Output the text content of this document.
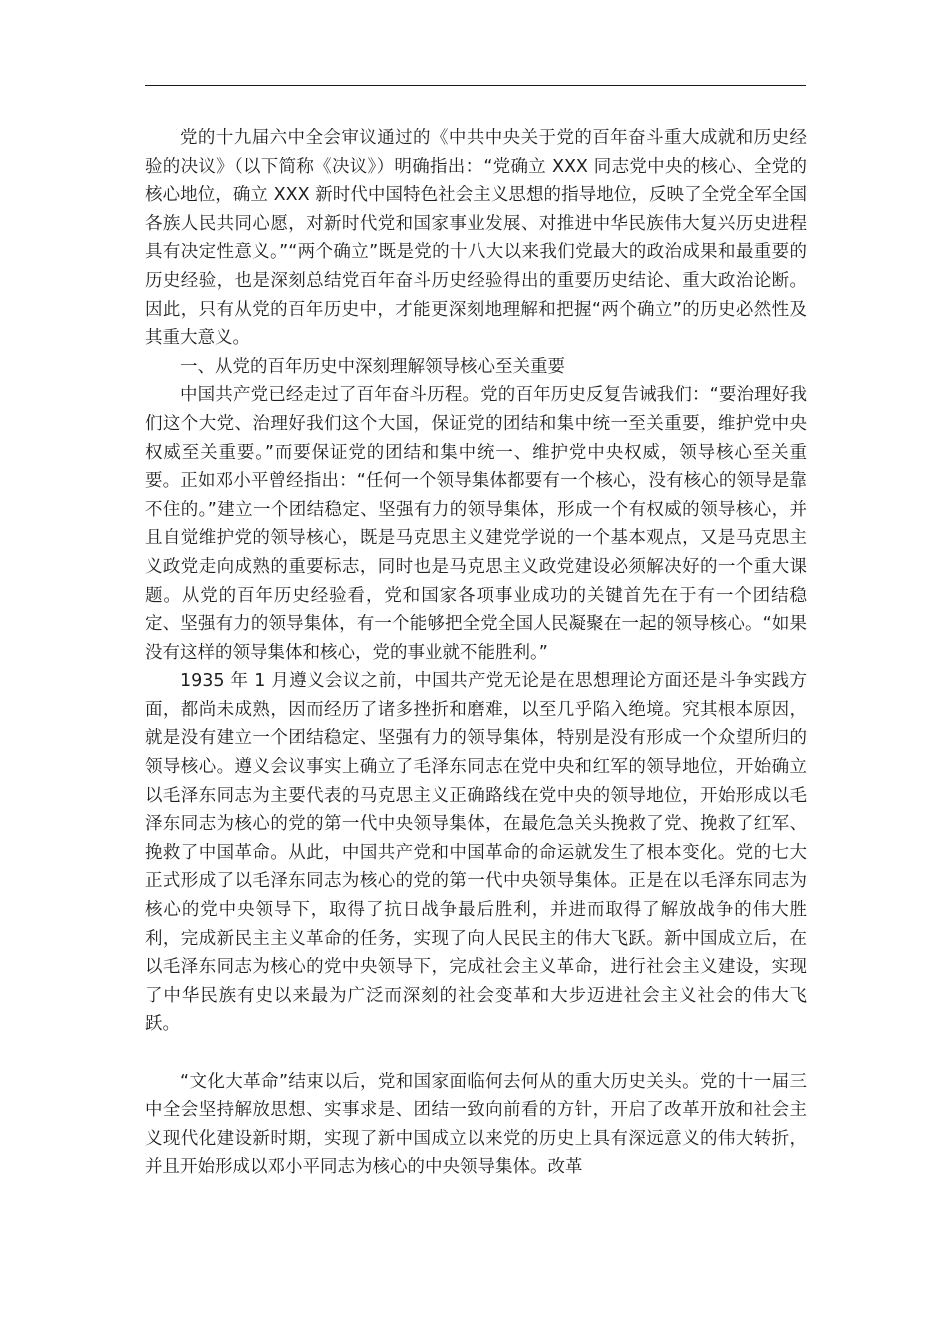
党的十九届六中全会审议通过的《中共中央关于党的百年奋斗重大成就和历史经验的决议》（以下简称《决议》）明确指出：“党确立 XXX 同志党中央的核心、全党的核心地位，确立 XXX 新时代中国特色社会主义思想的指导地位，反映了全党全军全国各族人民共同心愿，对新时代党和国家事业发展、对推进中华民族伟大复兴历史进程具有决定性意义。”“两个确立”既是党的十八大以来我们党最大的政治成果和最重要的历史经验，也是深刻总结党百年奋斗历史经验得出的重要历史结论、重大政治论断。因此，只有从党的百年历史中，才能更深刻地理解和把握“两个确立”的历史必然性及其重大意义。

一、从党的百年历史中深刻理解领导核心至关重要

中国共产党已经走过了百年奋斗历程。党的百年历史反复告诫我们：“要治理好我们这个大党、治理好我们这个大国，保证党的团结和集中统一至关重要，维护党中央权威至关重要。”而要保证党的团结和集中统一、维护党中央权威，领导核心至关重要。正如邓小平曾经指出：“任何一个领导集体都要有一个核心，没有核心的领导是靠不住的。”建立一个团结稳定、坚强有力的领导集体，形成一个有权威的领导核心，并且自觉维护党的领导核心，既是马克思主义建党学说的一个基本观点，又是马克思主义政党走向成熟的重要标志，同时也是马克思主义政党建设必须解决好的一个重大课题。从党的百年历史经验看，党和国家各项事业成功的关键首先在于有一个团结稳定、坚强有力的领导集体，有一个能够把全党全国人民凝聚在一起的领导核心。“如果没有这样的领导集体和核心，党的事业就不能胜利。”

1935 年 1 月遵义会议之前，中国共产党无论是在思想理论方面还是斗争实践方面，都尚未成熟，因而经历了诸多挫折和磨难，以至几乎陷入绝境。究其根本原因，就是没有建立一个团结稳定、坚强有力的领导集体，特别是没有形成一个众望所归的领导核心。遵义会议事实上确立了毛泽东同志在党中央和红军的领导地位，开始确立以毛泽东同志为主要代表的马克思主义正确路线在党中央的领导地位，开始形成以毛泽东同志为核心的党的第一代中央领导集体，在最危急关头挽救了党、挽救了红军、挽救了中国革命。从此，中国共产党和中国革命的命运就发生了根本变化。党的七大正式形成了以毛泽东同志为核心的党的第一代中央领导集体。正是在以毛泽东同志为核心的党中央领导下，取得了抗日战争最后胜利，并进而取得了解放战争的伟大胜利，完成新民主主义革命的任务，实现了向人民民主的伟大飞跃。新中国成立后，在以毛泽东同志为核心的党中央领导下，完成社会主义革命，进行社会主义建设，实现了中华民族有史以来最为广泛而深刻的社会变革和大步迈进社会主义社会的伟大飞跃。

“文化大革命”结束以后，党和国家面临何去何从的重大历史关头。党的十一届三中全会坚持解放思想、实事求是、团结一致向前看的方针，开启了改革开放和社会主义现代化建设新时期，实现了新中国成立以来党的历史上具有深远意义的伟大转折，并且开始形成以邓小平同志为核心的中央领导集体。改革
